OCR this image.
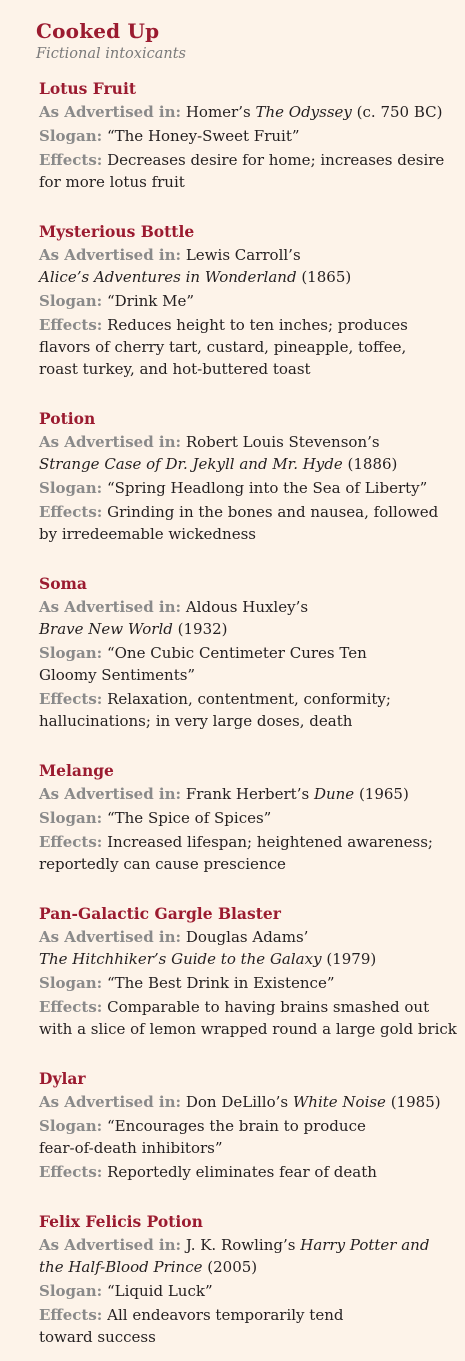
Cooked Up

Fictional intoxicants

Lotus Fruit
As Advertised in: Homer’s The Odyssey (c. 750 BC)
Slogan: “The Honey-Sweet Fruit”
Effects: Decreases desire for home; increases desire
for more lotus fruit
Mysterious Bottle
As Advertised in: Lewis Carroll’s
Alice’s Adventures in Wonderland (1865)
Slogan: “Drink Me”
Effects: Reduces height to ten inches; produces
flavors of cherry tart, custard, pineapple, toffee,
roast turkey, and hot-buttered toast
Potion
As Advertised in: Robert Louis Stevenson’s
Strange Case of Dr. Jekyll and Mr. Hyde (1886)
Slogan: “Spring Headlong into the Sea of Liberty”
Effects: Grinding in the bones and nausea, followed
by irredeemable wickedness
Soma
As Advertised in: Aldous Huxley’s
Brave New World (1932)
Slogan: “One Cubic Centimeter Cures Ten
Gloomy Sentiments”
Effects: Relaxation, contentment, conformity;
hallucinations; in very large doses, death
Melange
As Advertised in: Frank Herbert’s Dune (1965)
Slogan: “The Spice of Spices”
Effects: Increased lifespan; heightened awareness;
reportedly can cause prescience
Pan-Galactic Gargle Blaster
As Advertised in: Douglas Adams’
The Hitchhiker’s Guide to the Galaxy (1979)
Slogan: “The Best Drink in Existence”
Effects: Comparable to having brains smashed out
with a slice of lemon wrapped round a large gold brick
Dylar
As Advertised in: Don DeLillo’s White Noise (1985)
Slogan: “Encourages the brain to produce
fear-of-death inhibitors”
Effects: Reportedly eliminates fear of death
Felix Felicis Potion
As Advertised in: J. K. Rowling’s Harry Potter and
the Half-Blood Prince (2005)
Slogan: “Liquid Luck”
Effects: All endeavors temporarily tend
toward success
